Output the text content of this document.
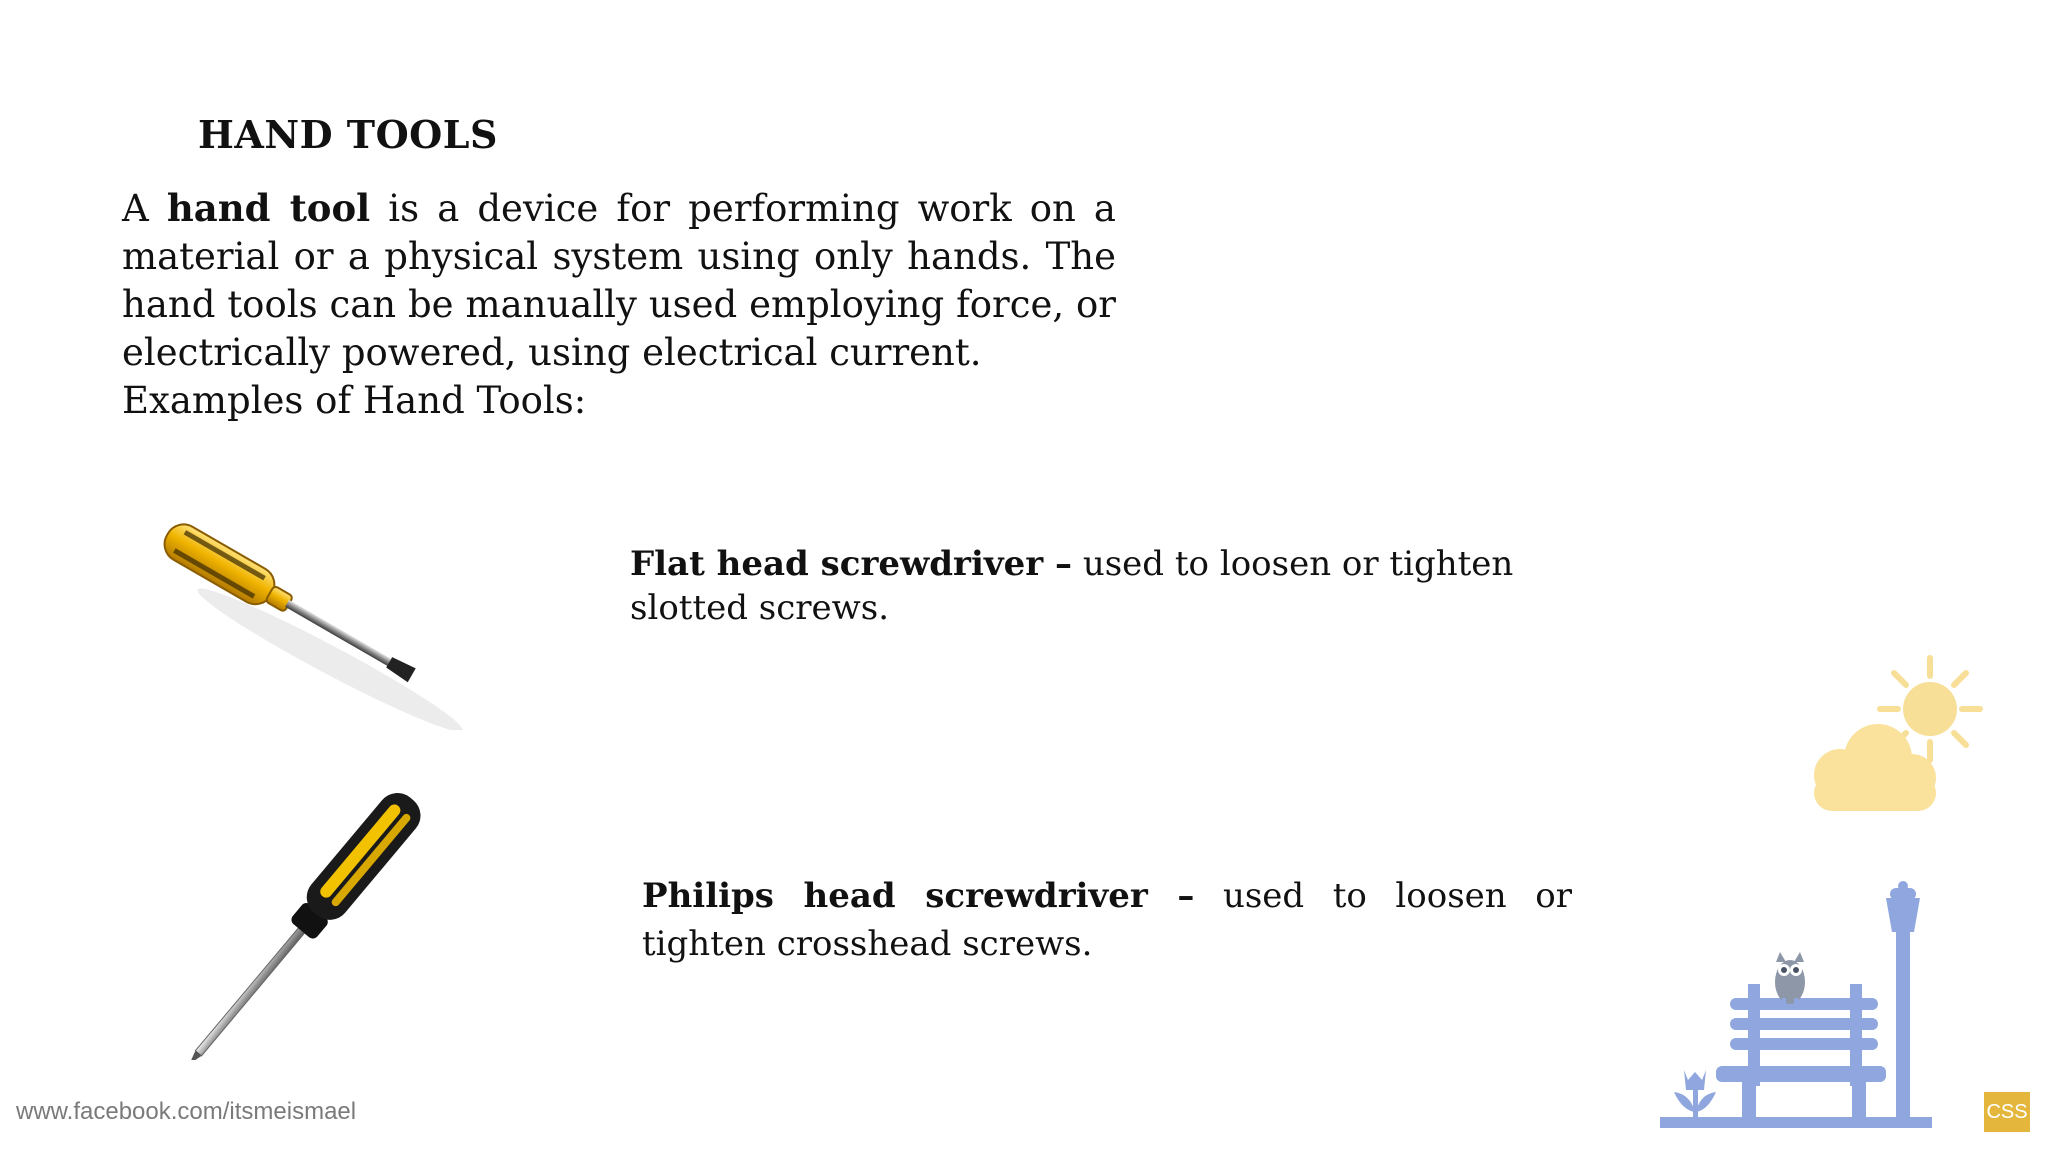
HAND TOOLS

A hand tool is a device for performing work on a material or a physical system using only hands. The hand tools can be manually used employing force, or electrically powered, using electrical current.
Examples of Hand Tools:

Flat head screwdriver – used to loosen or tighten slotted screws.

Philips head screwdriver – used to loosen or tighten crosshead screws.

www.facebook.com/itsmeismael	CSS
